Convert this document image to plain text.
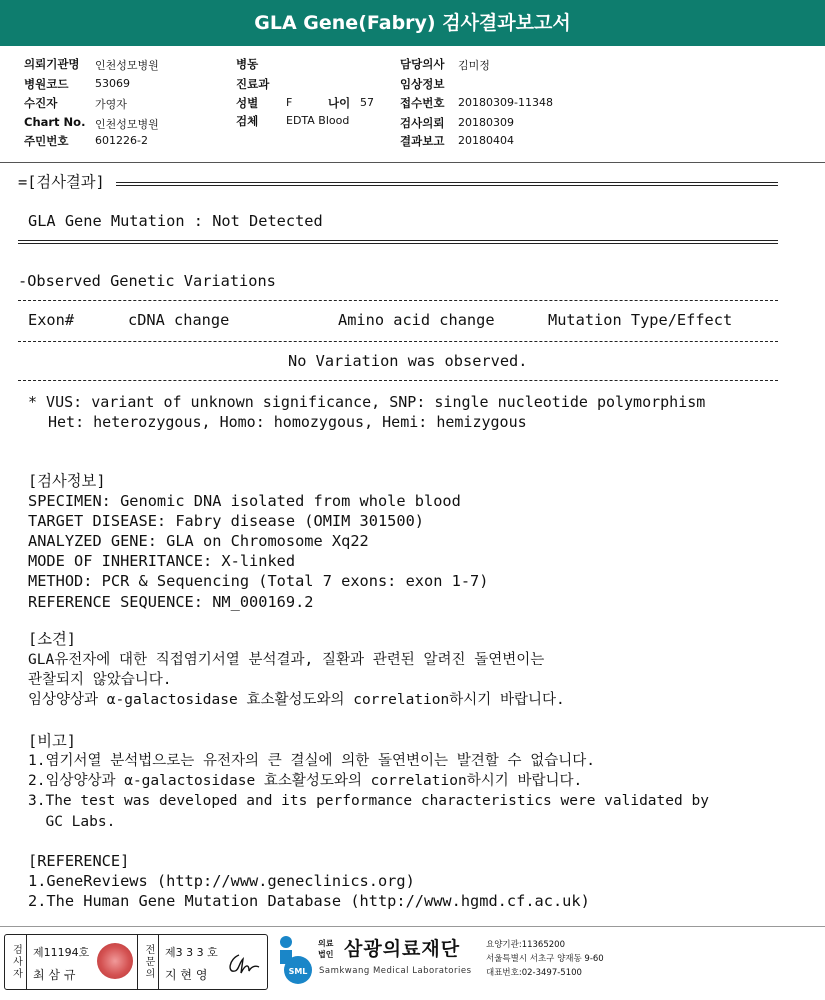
GLA Gene(Fabry) 검사결과보고서
의뢰기관명 인천성모병원
병원코드 53069
수진자	가영자
Chart No. 인천성모병원
주민번호 601226-2
병동
진료과
성별	F	나이 57
검체	EDTA Blood
담당의사 김미정
임상정보
접수번호 20180309-11348
검사의뢰 20180309
결과보고 20180404
=[검사결과]
GLA Gene Mutation : Not Detected
-Observed Genetic Variations
Exon#	cDNA change	Amino acid change	Mutation Type/Effect
No Variation was observed.
* VUS: variant of unknown significance, SNP: single nucleotide polymorphism
Het: heterozygous, Homo: homozygous, Hemi: hemizygous
[검사정보]
SPECIMEN: Genomic DNA isolated from whole blood
TARGET DISEASE: Fabry disease (OMIM 301500)
ANALYZED GENE: GLA on Chromosome Xq22
MODE OF INHERITANCE: X-linked
METHOD: PCR & Sequencing (Total 7 exons: exon 1-7)
REFERENCE SEQUENCE: NM_000169.2
[소견]
GLA유전자에 대한 직접염기서열 분석결과, 질환과 관련된 알려진 돌연변이는
관찰되지 않았습니다.
임상양상과 α-galactosidase 효소활성도와의 correlation하시기 바랍니다.
[비고]
1.염기서열 분석법으로는 유전자의 큰 결실에 의한 돌연변이는 발견할 수 없습니다.
2.임상양상과 α-galactosidase 효소활성도와의 correlation하시기 바랍니다.
3.The test was developed and its performance characteristics were validated by
GC Labs.
[REFERENCE]
1.GeneReviews (http://www.geneclinics.org)
2.The Human Gene Mutation Database (http://www.hgmd.cf.ac.uk)
검사자 제11194호
최 삼 규	전문의 제3 3 3 호
지 현 영	SML
의료
법인 삼광의료재단
Samkwang Medical Laboratories
요양기관:11365200
서울특별시 서초구 양재동 9-60
대표번호:02-3497-5100
